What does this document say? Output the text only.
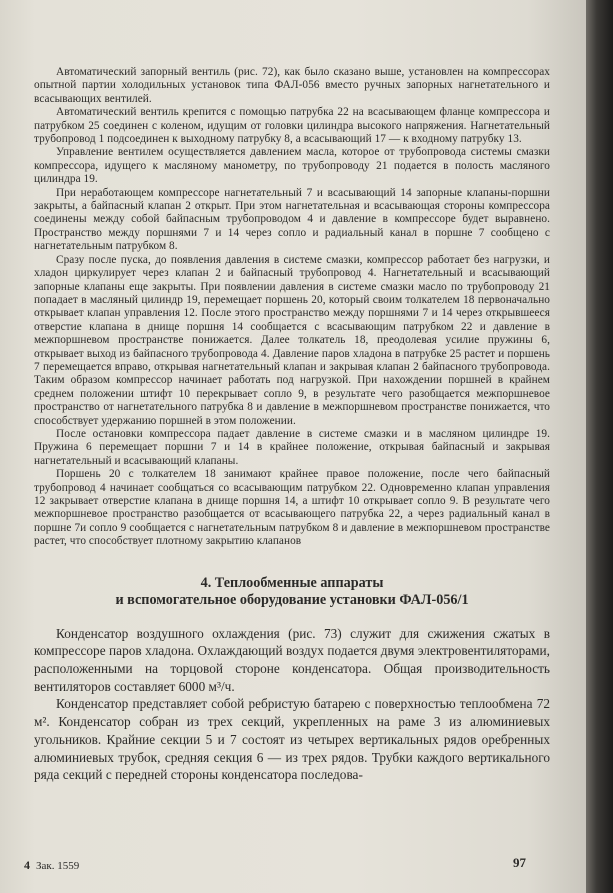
Автоматический запорный вентиль (рис. 72), как было сказано выше, установлен на компрессорах опытной партии холодильных установок типа ФАЛ-056 вместо ручных запорных нагнетательного и всасывающих вентилей.

Автоматический вентиль крепится с помощью патрубка 22 на всасывающем фланце компрессора и патрубком 25 соединен с коленом, идущим от головки цилиндра высокого напряжения. Нагнетательный трубопровод 1 подсоединен к выходному патрубку 8, а всасывающий 17 — к входному патрубку 13.

Управление вентилем осуществляется давлением масла, которое от трубопровода системы смазки компрессора, идущего к масляному манометру, по трубопроводу 21 подается в полость масляного цилиндра 19.

При неработающем компрессоре нагнетательный 7 и всасывающий 14 запорные клапаны-поршни закрыты, а байпасный клапан 2 открыт. При этом нагнетательная и всасывающая стороны компрессора соединены между собой байпасным трубопроводом 4 и давление в компрессоре будет выравнено. Пространство между поршнями 7 и 14 через сопло и радиальный канал в поршне 7 сообщено с нагнетательным патрубком 8.

Сразу после пуска, до появления давления в системе смазки, компрессор работает без нагрузки, и хладон циркулирует через клапан 2 и байпасный трубопровод 4. Нагнетательный и всасывающий запорные клапаны еще закрыты. При появлении давления в системе смазки масло по трубопроводу 21 попадает в масляный цилиндр 19, перемещает поршень 20, который своим толкателем 18 первоначально открывает клапан управления 12. После этого пространство между поршнями 7 и 14 через открывшееся отверстие клапана в днище поршня 14 сообщается с всасывающим патрубком 22 и давление в межпоршневом пространстве понижается. Далее толкатель 18, преодолевая усилие пружины 6, открывает выход из байпасного трубопровода 4. Давление паров хладона в патрубке 25 растет и поршень 7 перемещается вправо, открывая нагнетательный клапан и закрывая клапан 2 байпасного трубопровода. Таким образом компрессор начинает работать под нагрузкой. При нахождении поршней в крайнем среднем положении штифт 10 перекрывает сопло 9, в результате чего разобщается межпоршневое пространство от нагнетательного патрубка 8 и давление в межпоршневом пространстве понижается, что способствует удержанию поршней в этом положении.

После остановки компрессора падает давление в системе смазки и в масляном цилиндре 19. Пружина 6 перемещает поршни 7 и 14 в крайнее положение, открывая байпасный и закрывая нагнетательный и всасывающий клапаны.

Поршень 20 с толкателем 18 занимают крайнее правое положение, после чего байпасный трубопровод 4 начинает сообщаться со всасывающим патрубком 22. Одновременно клапан управления 12 закрывает отверстие клапана в днище поршня 14, а штифт 10 открывает сопло 9. В результате чего межпоршневое пространство разобщается от всасывающего патрубка 22, а через радиальный канал в поршне 7и сопло 9 сообщается с нагнетательным патрубком 8 и давление в межпоршневом пространстве растет, что способствует плотному закрытию клапанов

4. Теплообменные аппараты
и вспомогательное оборудование установки ФАЛ-056/1

Конденсатор воздушного охлаждения (рис. 73) служит для сжижения сжатых в компрессоре паров хладона. Охлаждающий воздух подается двумя электровентиляторами, расположенными на торцовой стороне конденсатора. Общая производительность вентиляторов составляет 6000 м³/ч.

Конденсатор представляет собой ребристую батарею с поверхностью теплообмена 72 м². Конденсатор собран из трех секций, укрепленных на раме 3 из алюминиевых угольников. Крайние секции 5 и 7 состоят из четырех вертикальных рядов оребренных алюминиевых трубок, средняя секция 6 — из трех рядов. Трубки каждого вертикального ряда секций с передней стороны конденсатора последова-

4 Зак. 1559	97
